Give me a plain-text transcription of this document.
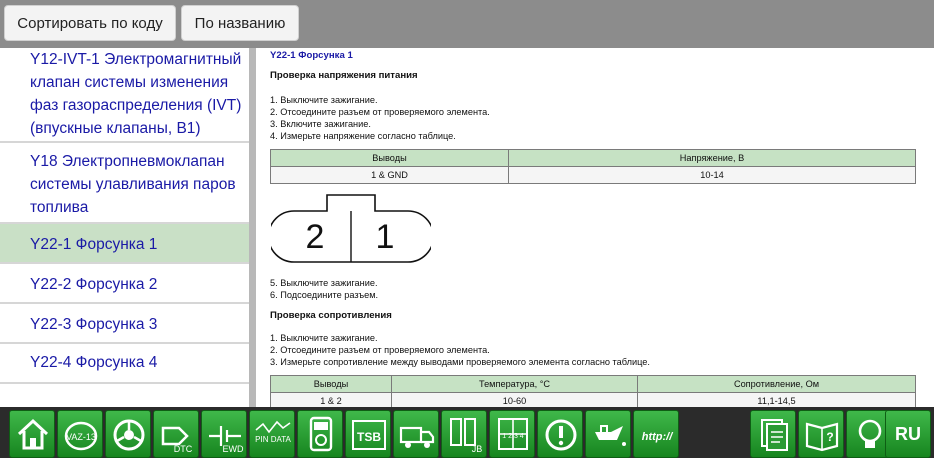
Сортировать по коду	По названию
Y12-IVT-1 Электромагнитный клапан системы изменения фаз газораспределения (IVT) (впускные клапаны, B1)
Y18 Электропневмоклапан системы улавливания паров топлива
Y22-1 Форсунка 1
Y22-2 Форсунка 2
Y22-3 Форсунка 3
Y22-4 Форсунка 4
Y22-1 Форсунка 1
Проверка напряжения питания
1. Выключите зажигание.
2. Отсоедините разъем от проверяемого элемента.
3. Включите зажигание.
4. Измерьте напряжение согласно таблице.
Выводы	Напряжение, В
1 & GND	10-14
2 1
5. Выключите зажигание.
6. Подсоедините разъем.
Проверка сопротивления
1. Выключите зажигание.
2. Отсоедините разъем от проверяемого элемента.
3. Измерьте сопротивление между выводами проверяемого элемента согласно таблице.
Выводы	Температура, °С	Сопротивление, Ом
1 & 2	10-60	11,1-14,5
VAZ-13
DTC	EWD
PIN DATA	TSB
JB
1 2 3 4	http://	?	RU
